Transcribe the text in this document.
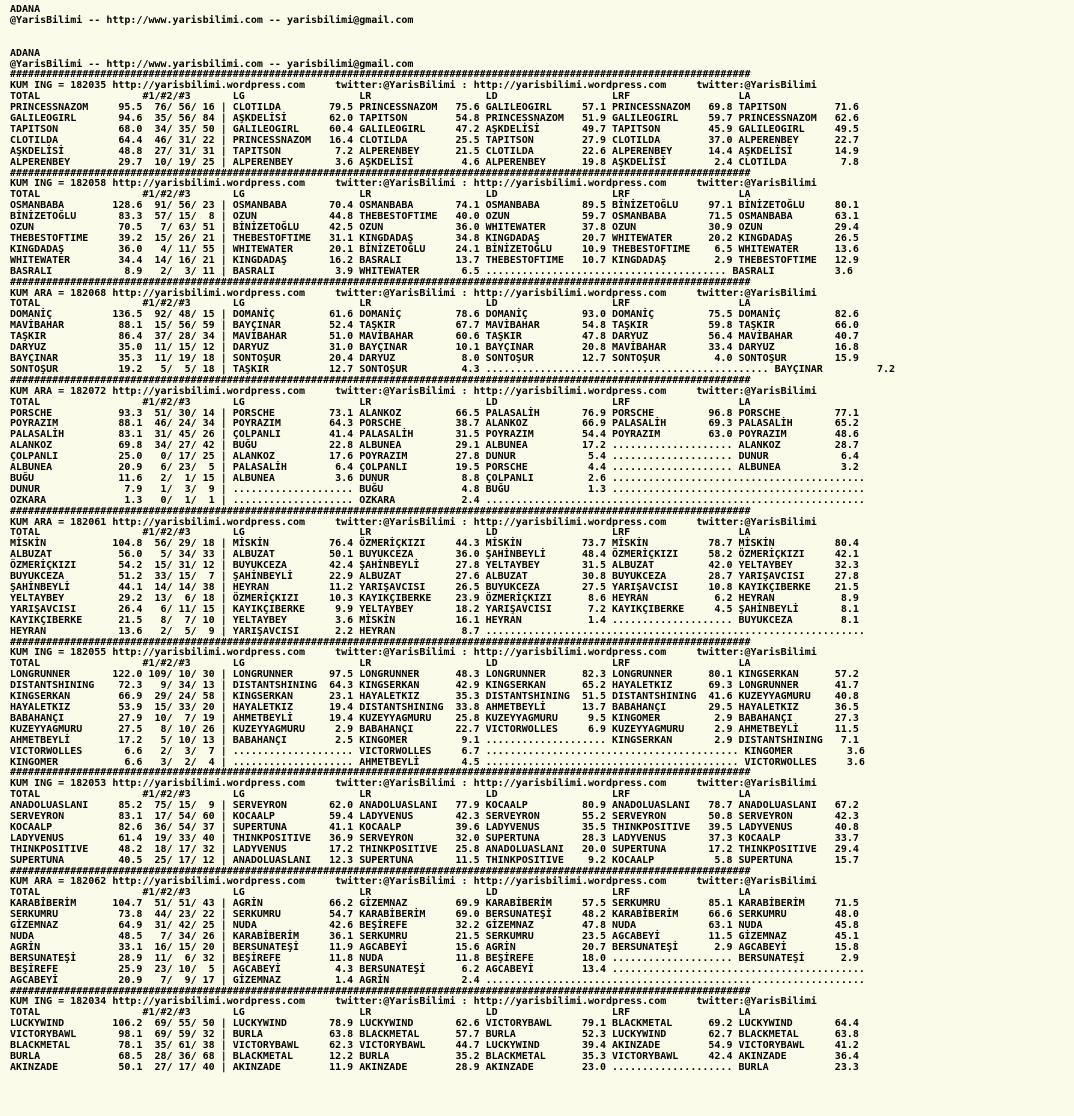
ADANA
@YarisBilimi -- http://www.yarisbilimi.com -- yarisbilimi@gmail.com
ADANA
@YarisBilimi -- http://www.yarisbilimi.com -- yarisbilimi@gmail.com
###########################################################################################################################
KUM ING = 182035 http://yarisbilimi.wordpress.com     twitter:@YarisBilimi : http://yarisbilimi.wordpress.com     twitter:@YarisBilimi
TOTAL                 #1/#2/#3       LG                   LR                   LD                   LRF                  LA
PRINCESSNAZOM     95.5  76/ 56/ 16 | CLOTILDA        79.5 PRINCESSNAZOM   75.6 GALILEOGIRL     57.1 PRINCESSNAZOM   69.8 TAPITSON        71.6
GALILEOGIRL       94.6  35/ 56/ 84 | AŞKDELİSİ       62.0 TAPITSON        54.8 PRINCESSNAZOM   51.9 GALILEOGIRL     59.7 PRINCESSNAZOM   62.6
TAPITSON          68.0  34/ 35/ 50 | GALILEOGIRL     60.4 GALILEOGIRL     47.2 AŞKDELİSİ       49.7 TAPITSON        45.9 GALILEOGIRL     49.5
CLOTILDA          64.4  46/ 31/ 22 | PRINCESSNAZOM   16.4 CLOTILDA        25.5 TAPITSON        27.9 CLOTILDA        37.0 ALPERENBEY      22.7
AŞKDELİSİ         48.8  27/ 31/ 31 | TAPITSON         7.2 ALPERENBEY      21.5 CLOTILDA        22.6 ALPERENBEY      14.4 AŞKDELİSİ       14.9
ALPERENBEY        29.7  10/ 19/ 25 | ALPERENBEY       3.6 AŞKDELİSİ        4.6 ALPERENBEY      19.8 AŞKDELİSİ        2.4 CLOTILDA         7.8
###########################################################################################################################
KUM ING = 182058 http://yarisbilimi.wordpress.com     twitter:@YarisBilimi : http://yarisbilimi.wordpress.com     twitter:@YarisBilimi
TOTAL                 #1/#2/#3       LG                   LR                   LD                   LRF                  LA
OSMANBABA        128.6  91/ 56/ 23 | OSMANBABA       70.4 OSMANBABA       74.1 OSMANBABA       89.5 BİNİZETOĞLU     97.1 BİNİZETOĞLU     80.1
BİNİZETOĞLU       83.3  57/ 15/  8 | OZUN            44.8 THEBESTOFTIME   40.0 OZUN            59.7 OSMANBABA       71.5 OSMANBABA       63.1
OZUN              70.5   7/ 63/ 51 | BİNİZETOĞLU     42.5 OZUN            36.0 WHITEWATER      37.8 OZUN            30.9 OZUN            29.4
THEBESTOFTIME     39.2  15/ 26/ 21 | THEBESTOFTIME   31.1 KINGDADAŞ       34.8 KINGDADAŞ       20.7 WHITEWATER      20.2 KINGDADAŞ       26.5
KINGDADAŞ         36.0   4/ 11/ 55 | WHITEWATER      20.1 BİNİZETOĞLU     24.1 BİNİZETOĞLU     10.9 THEBESTOFTIME    6.5 WHITEWATER      13.6
WHITEWATER        34.4  14/ 16/ 21 | KINGDADAŞ       16.2 BASRALI         13.7 THEBESTOFTIME   10.7 KINGDADAŞ        2.9 THEBESTOFTIME   12.9
BASRALI            8.9   2/  3/ 11 | BASRALI          3.9 WHITEWATER       6.5 ........................................ BASRALI          3.6
###########################################################################################################################
KUM ARA = 182068 http://yarisbilimi.wordpress.com     twitter:@YarisBilimi : http://yarisbilimi.wordpress.com     twitter:@YarisBilimi
TOTAL                 #1/#2/#3       LG                   LR                   LD                   LRF                  LA
DOMANİÇ          136.5  92/ 48/ 15 | DOMANİÇ         61.6 DOMANİÇ         78.6 DOMANİÇ         93.0 DOMANİÇ         75.5 DOMANİÇ         82.6
MAVİBAHAR         88.1  15/ 56/ 59 | BAYÇINAR        52.4 TAŞKIR          67.7 MAVİBAHAR       54.8 TAŞKIR          59.8 TAŞKIR          66.0
TAŞKIR            86.4  37/ 28/ 34 | MAVİBAHAR       51.0 MAVİBAHAR       60.6 TAŞKIR          47.8 DARYUZ          56.4 MAVİBAHAR       40.7
DARYUZ            35.0  11/ 15/ 12 | DARYUZ          31.0 BAYÇINAR        10.1 BAYÇINAR        20.8 MAVİBAHAR       33.4 DARYUZ          16.8
BAYÇINAR          35.3  11/ 19/ 18 | SONTOŞUR        20.4 DARYUZ           8.0 SONTOŞUR        12.7 SONTOŞUR         4.0 SONTOŞUR        15.9
SONTOŞUR          19.2   5/  5/ 18 | TAŞKIR          12.7 SONTOŞUR         4.3 ............................................... BAYÇINAR         7.2
###########################################################################################################################
KUM ARA = 182072 http://yarisbilimi.wordpress.com     twitter:@YarisBilimi : http://yarisbilimi.wordpress.com     twitter:@YarisBilimi
TOTAL                 #1/#2/#3       LG                   LR                   LD                   LRF                  LA
PORSCHE           93.3  51/ 30/ 14 | PORSCHE         73.1 ALANKOZ         66.5 PALASALİH       76.9 PORSCHE         96.8 PORSCHE         77.1
POYRAZIM          88.1  46/ 24/ 34 | POYRAZIM        64.3 PORSCHE         38.7 ALANKOZ         66.9 PALASALİH       69.3 PALASALİH       65.2
PALASALİH         83.1  31/ 45/ 26 | ÇOLPANLI        41.4 PALASALİH       31.5 POYRAZIM        54.4 POYRAZIM        63.0 POYRAZIM        48.6
ALANKOZ           69.8  34/ 27/ 42 | BUĞU            22.8 ALBUNEA         29.1 ALBUNEA         17.2 .................... ALANKOZ         28.7
ÇOLPANLI          25.0   0/ 17/ 25 | ALANKOZ         17.6 POYRAZIM        27.8 DUNUR            5.4 .................... DUNUR            6.4
ALBUNEA           20.9   6/ 23/  5 | PALASALİH        6.4 ÇOLPANLI        19.5 PORSCHE          4.4 .................... ALBUNEA          3.2
BUĞU              11.6   2/  1/ 15 | ALBUNEA          3.6 DUNUR            8.8 ÇOLPANLI         2.6 ..........................................
DUNUR              7.9   1/  3/  9 | .................... BUĞU             4.8 BUĞU             1.3 ..........................................
OZKARA             1.3   0/  1/  1 | .................... OZKARA           2.4 ...............................................................
###########################################################################################################################
KUM ARA = 182061 http://yarisbilimi.wordpress.com     twitter:@YarisBilimi : http://yarisbilimi.wordpress.com     twitter:@YarisBilimi
TOTAL                 #1/#2/#3       LG                   LR                   LD                   LRF                  LA
MİSKİN           104.8  56/ 29/ 18 | MİSKİN          76.4 ÖZMERİÇKIZI     44.3 MİSKİN          73.7 MİSKİN          78.7 MİSKİN          80.4
ALBUZAT           56.0   5/ 34/ 33 | ALBUZAT         50.1 BUYUKCEZA       36.0 ŞAHİNBEYLİ      48.4 ÖZMERİÇKIZI     58.2 ÖZMERİÇKIZI     42.1
ÖZMERİÇKIZI       54.2  15/ 31/ 12 | BUYUKCEZA       42.4 ŞAHİNBEYLİ      27.8 YELTAYBEY       31.5 ALBUZAT         42.0 YELTAYBEY       32.3
BUYUKCEZA         51.2  33/ 15/  7 | ŞAHİNBEYLİ      22.9 ALBUZAT         27.6 ALBUZAT         30.8 BUYUKCEZA       28.7 YARIŞAVCISI     27.8
ŞAHİNBEYLİ        44.1  14/ 14/ 38 | HEYRAN          11.2 YARIŞAVCISI     26.5 BUYUKCEZA       27.5 YARIŞAVCISI     10.8 KAYIKÇIBERKE    21.5
YELTAYBEY         29.2  13/  6/ 18 | ÖZMERİÇKIZI     10.3 KAYIKÇIBERKE    23.9 ÖZMERİÇKIZI      8.6 HEYRAN           6.2 HEYRAN           8.9
YARIŞAVCISI       26.4   6/ 11/ 15 | KAYIKÇIBERKE     9.9 YELTAYBEY       18.2 YARIŞAVCISI      7.2 KAYIKÇIBERKE     4.5 ŞAHİNBEYLİ       8.1
KAYIKÇIBERKE      21.5   8/  7/ 10 | YELTAYBEY        3.6 MİSKİN          16.1 HEYRAN           1.4 .................... BUYUKCEZA        8.1
HEYRAN            13.6   2/  5/  9 | YARIŞAVCISI      2.2 HEYRAN           8.7 ...............................................................
###########################################################################################################################
KUM ING = 182055 http://yarisbilimi.wordpress.com     twitter:@YarisBilimi : http://yarisbilimi.wordpress.com     twitter:@YarisBilimi
TOTAL                 #1/#2/#3       LG                   LR                   LD                   LRF                  LA
LONGRUNNER       122.0 109/ 10/ 30 | LONGRUNNER      97.5 LONGRUNNER      48.3 LONGRUNNER      82.3 LONGRUNNER      80.1 KINGSERKAN      57.2
DISTANTSHINING    72.3   9/ 34/ 13 | DISTANTSHINING  64.3 KINGSERKAN      42.9 KINGSERKAN      65.2 HAYALETKIZ      69.3 LONGRUNNER      41.7
KINGSERKAN        66.9  29/ 24/ 58 | KINGSERKAN      23.1 HAYALETKIZ      35.3 DISTANTSHINING  51.5 DISTANTSHINING  41.6 KUZEYYAGMURU    40.8
HAYALETKIZ        53.9  15/ 33/ 20 | HAYALETKIZ      19.4 DISTANTSHINING  33.8 AHMETBEYLİ      13.7 BABAHANÇI       29.5 HAYALETKIZ      36.5
BABAHANÇI         27.9  10/  7/ 19 | AHMETBEYLİ      19.4 KUZEYYAGMURU    25.8 KUZEYYAGMURU     9.5 KINGOMER         2.9 BABAHANÇI       27.3
KUZEYYAGMURU      27.5   8/ 10/ 26 | KUZEYYAGMURU     2.9 BABAHANÇI       22.7 VICTORWOLLES     6.9 KUZEYYAGMURU     2.9 AHMETBEYLİ      11.5
AHMETBEYLİ        17.2   5/ 10/ 13 | BABAHANÇI        2.5 KINGOMER         9.1 .................... KINGSERKAN       2.9 DISTANTSHINING   7.1
VICTORWOLLES       6.6   2/  3/  7 | .................... VICTORWOLLES     6.7 .......................................... KINGOMER         3.6
KINGOMER           6.6   3/  2/  4 | .................... AHMETBEYLİ       4.5 .......................................... VICTORWOLLES     3.6
###########################################################################################################################
KUM ING = 182053 http://yarisbilimi.wordpress.com     twitter:@YarisBilimi : http://yarisbilimi.wordpress.com     twitter:@YarisBilimi
TOTAL                 #1/#2/#3       LG                   LR                   LD                   LRF                  LA
ANADOLUASLANI     85.2  75/ 15/  9 | SERVEYRON       62.0 ANADOLUASLANI   77.9 KOCAALP         80.9 ANADOLUASLANI   78.7 ANADOLUASLANI   67.2
SERVEYRON         83.1  17/ 54/ 60 | KOCAALP         59.4 LADYVENUS       42.3 SERVEYRON       55.2 SERVEYRON       50.8 SERVEYRON       42.3
KOCAALP           82.6  36/ 54/ 37 | SUPERTUNA       41.1 KOCAALP         39.6 LADYVENUS       35.5 THINKPOSITIVE   39.5 LADYVENUS       40.8
LADYVENUS         61.4  19/ 33/ 40 | THINKPOSITIVE   36.9 SERVEYRON       32.0 SUPERTUNA       28.3 LADYVENUS       37.3 KOCAALP         33.7
THINKPOSITIVE     48.2  18/ 17/ 32 | LADYVENUS       17.2 THINKPOSITIVE   25.8 ANADOLUASLANI   20.0 SUPERTUNA       17.2 THINKPOSITIVE   29.4
SUPERTUNA         40.5  25/ 17/ 12 | ANADOLUASLANI   12.3 SUPERTUNA       11.5 THINKPOSITIVE    9.2 KOCAALP          5.8 SUPERTUNA       15.7
###########################################################################################################################
KUM ARA = 182062 http://yarisbilimi.wordpress.com     twitter:@YarisBilimi : http://yarisbilimi.wordpress.com     twitter:@YarisBilimi
TOTAL                 #1/#2/#3       LG                   LR                   LD                   LRF                  LA
KARABİBERİM      104.7  51/ 51/ 43 | AGRİN           66.2 GİZEMNAZ        69.9 KARABİBERİM     57.5 SERKUMRU        85.1 KARABİBERİM     71.5
SERKUMRU          73.8  44/ 23/ 22 | SERKUMRU        54.7 KARABİBERİM     69.0 BERSUNATEŞİ     48.2 KARABİBERİM     66.6 SERKUMRU        48.0
GİZEMNAZ          64.9  31/ 42/ 25 | NUDA            42.6 BEŞİREFE        32.2 GİZEMNAZ        47.8 NUDA            63.1 NUDA            45.8
NUDA              48.5   7/ 34/ 26 | KARABİBERİM     36.1 SERKUMRU        21.5 SERKUMRU        23.5 AGCABEYİ        11.5 GİZEMNAZ        45.1
AGRİN             33.1  16/ 15/ 20 | BERSUNATEŞİ     11.9 AGCABEYİ        15.6 AGRİN           20.7 BERSUNATEŞİ      2.9 AGCABEYİ        15.8
BERSUNATEŞİ       28.9  11/  6/ 32 | BEŞİREFE        11.8 NUDA            11.8 BEŞİREFE        18.0 .................... BERSUNATEŞİ      2.9
BEŞİREFE          25.9  23/ 10/  5 | AGCABEYİ         4.3 BERSUNATEŞİ      6.2 AGCABEYİ        13.4 ..........................................
AGCABEYİ          20.9   7/  9/ 17 | GİZEMNAZ         1.4 AGRİN            2.4 ...............................................................
###########################################################################################################################
KUM ING = 182034 http://yarisbilimi.wordpress.com     twitter:@YarisBilimi : http://yarisbilimi.wordpress.com     twitter:@YarisBilimi
TOTAL                 #1/#2/#3       LG                   LR                   LD                   LRF                  LA
LUCKYWIND        106.2  69/ 55/ 50 | LUCKYWIND       78.9 LUCKYWIND       62.6 VICTORYBAWL     79.1 BLACKMETAL      69.2 LUCKYWIND       64.4
VICTORYBAWL       98.1  69/ 59/ 32 | BURLA           63.8 BLACKMETAL      57.7 BURLA           52.3 LUCKYWIND       62.7 BLACKMETAL      63.8
BLACKMETAL        78.1  35/ 61/ 38 | VICTORYBAWL     62.3 VICTORYBAWL     44.7 LUCKYWIND       39.4 AKINZADE        54.9 VICTORYBAWL     41.2
BURLA             68.5  28/ 36/ 68 | BLACKMETAL      12.2 BURLA           35.2 BLACKMETAL      35.3 VICTORYBAWL     42.4 AKINZADE        36.4
AKINZADE          50.1  27/ 17/ 40 | AKINZADE        11.9 AKINZADE        28.9 AKINZADE        23.0 .................... BURLA           23.3
